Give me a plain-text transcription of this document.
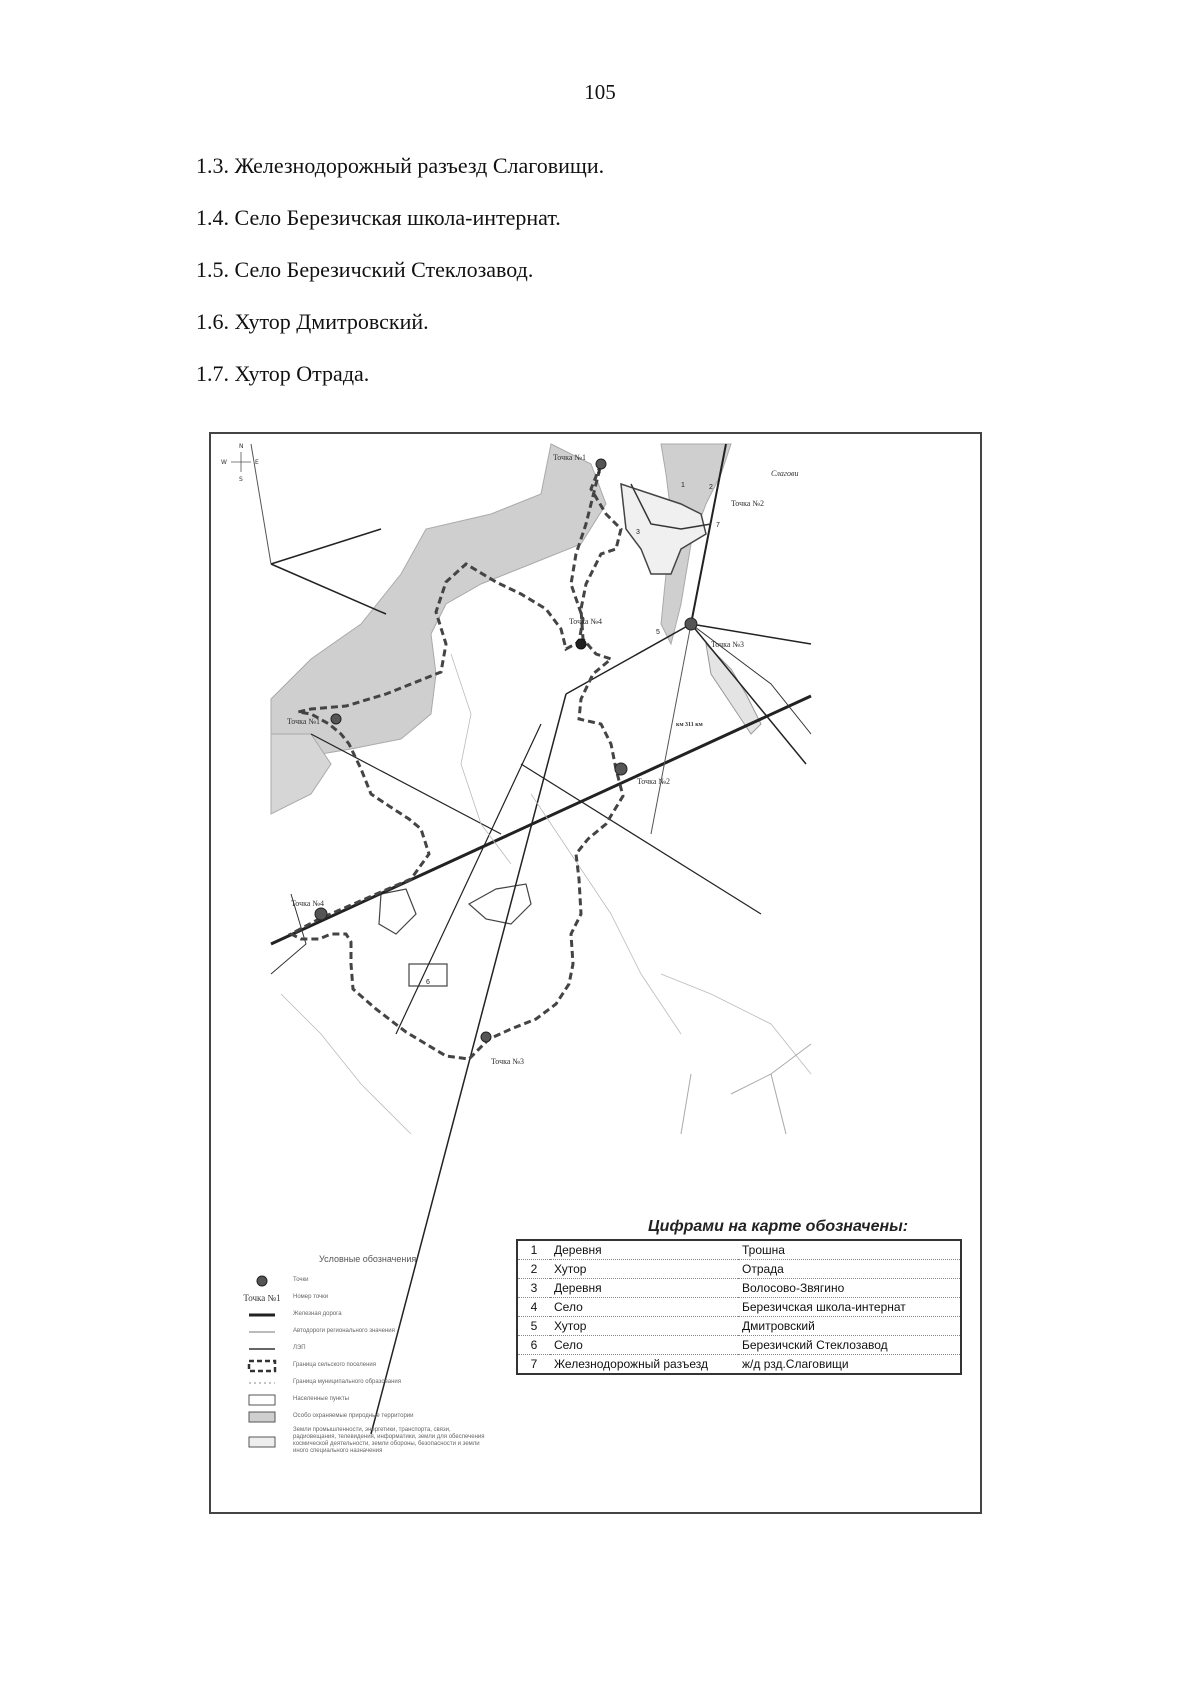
105
1.3. Железнодорожный разъезд Слаговищи.
1.4. Село Березичская школа-интернат.
1.5. Село Березичский Стеклозавод.
1.6. Хутор Дмитровский.
1.7. Хутор Отрада.
N
S
W	E
Точка №1
Слагови
Точка №2
Точка №3
Точка №4
Точка №1
Точка №2
Точка №4
Точка №3
км 311 км
1	2
3
4
5
6
7
Цифрами на карте обозначены:
1	Деревня	Трошна
2	Хутор	Отрада
3	Деревня	Волосово-Звягино
4	Село	Березичская школа-интернат
5	Хутор	Дмитровский
6	Село	Березичский Стеклозавод
7	Железнодорожный разъезд	ж/д рзд.Слаговищи
Условные обозначения
Точки
Точка №1	Номер точки
Железная дорога
Автодороги регионального значения
ЛЭП
Граница сельского поселения
Граница муниципального образования
Населенные пункты
Особо охраняемые природные территории
Земли промышленности, энергетики, транспорта, связи, радиовещания, телевидения, информатики, земли для обеспечения космической деятельности, земли обороны, безопасности и земли иного специального назначения
